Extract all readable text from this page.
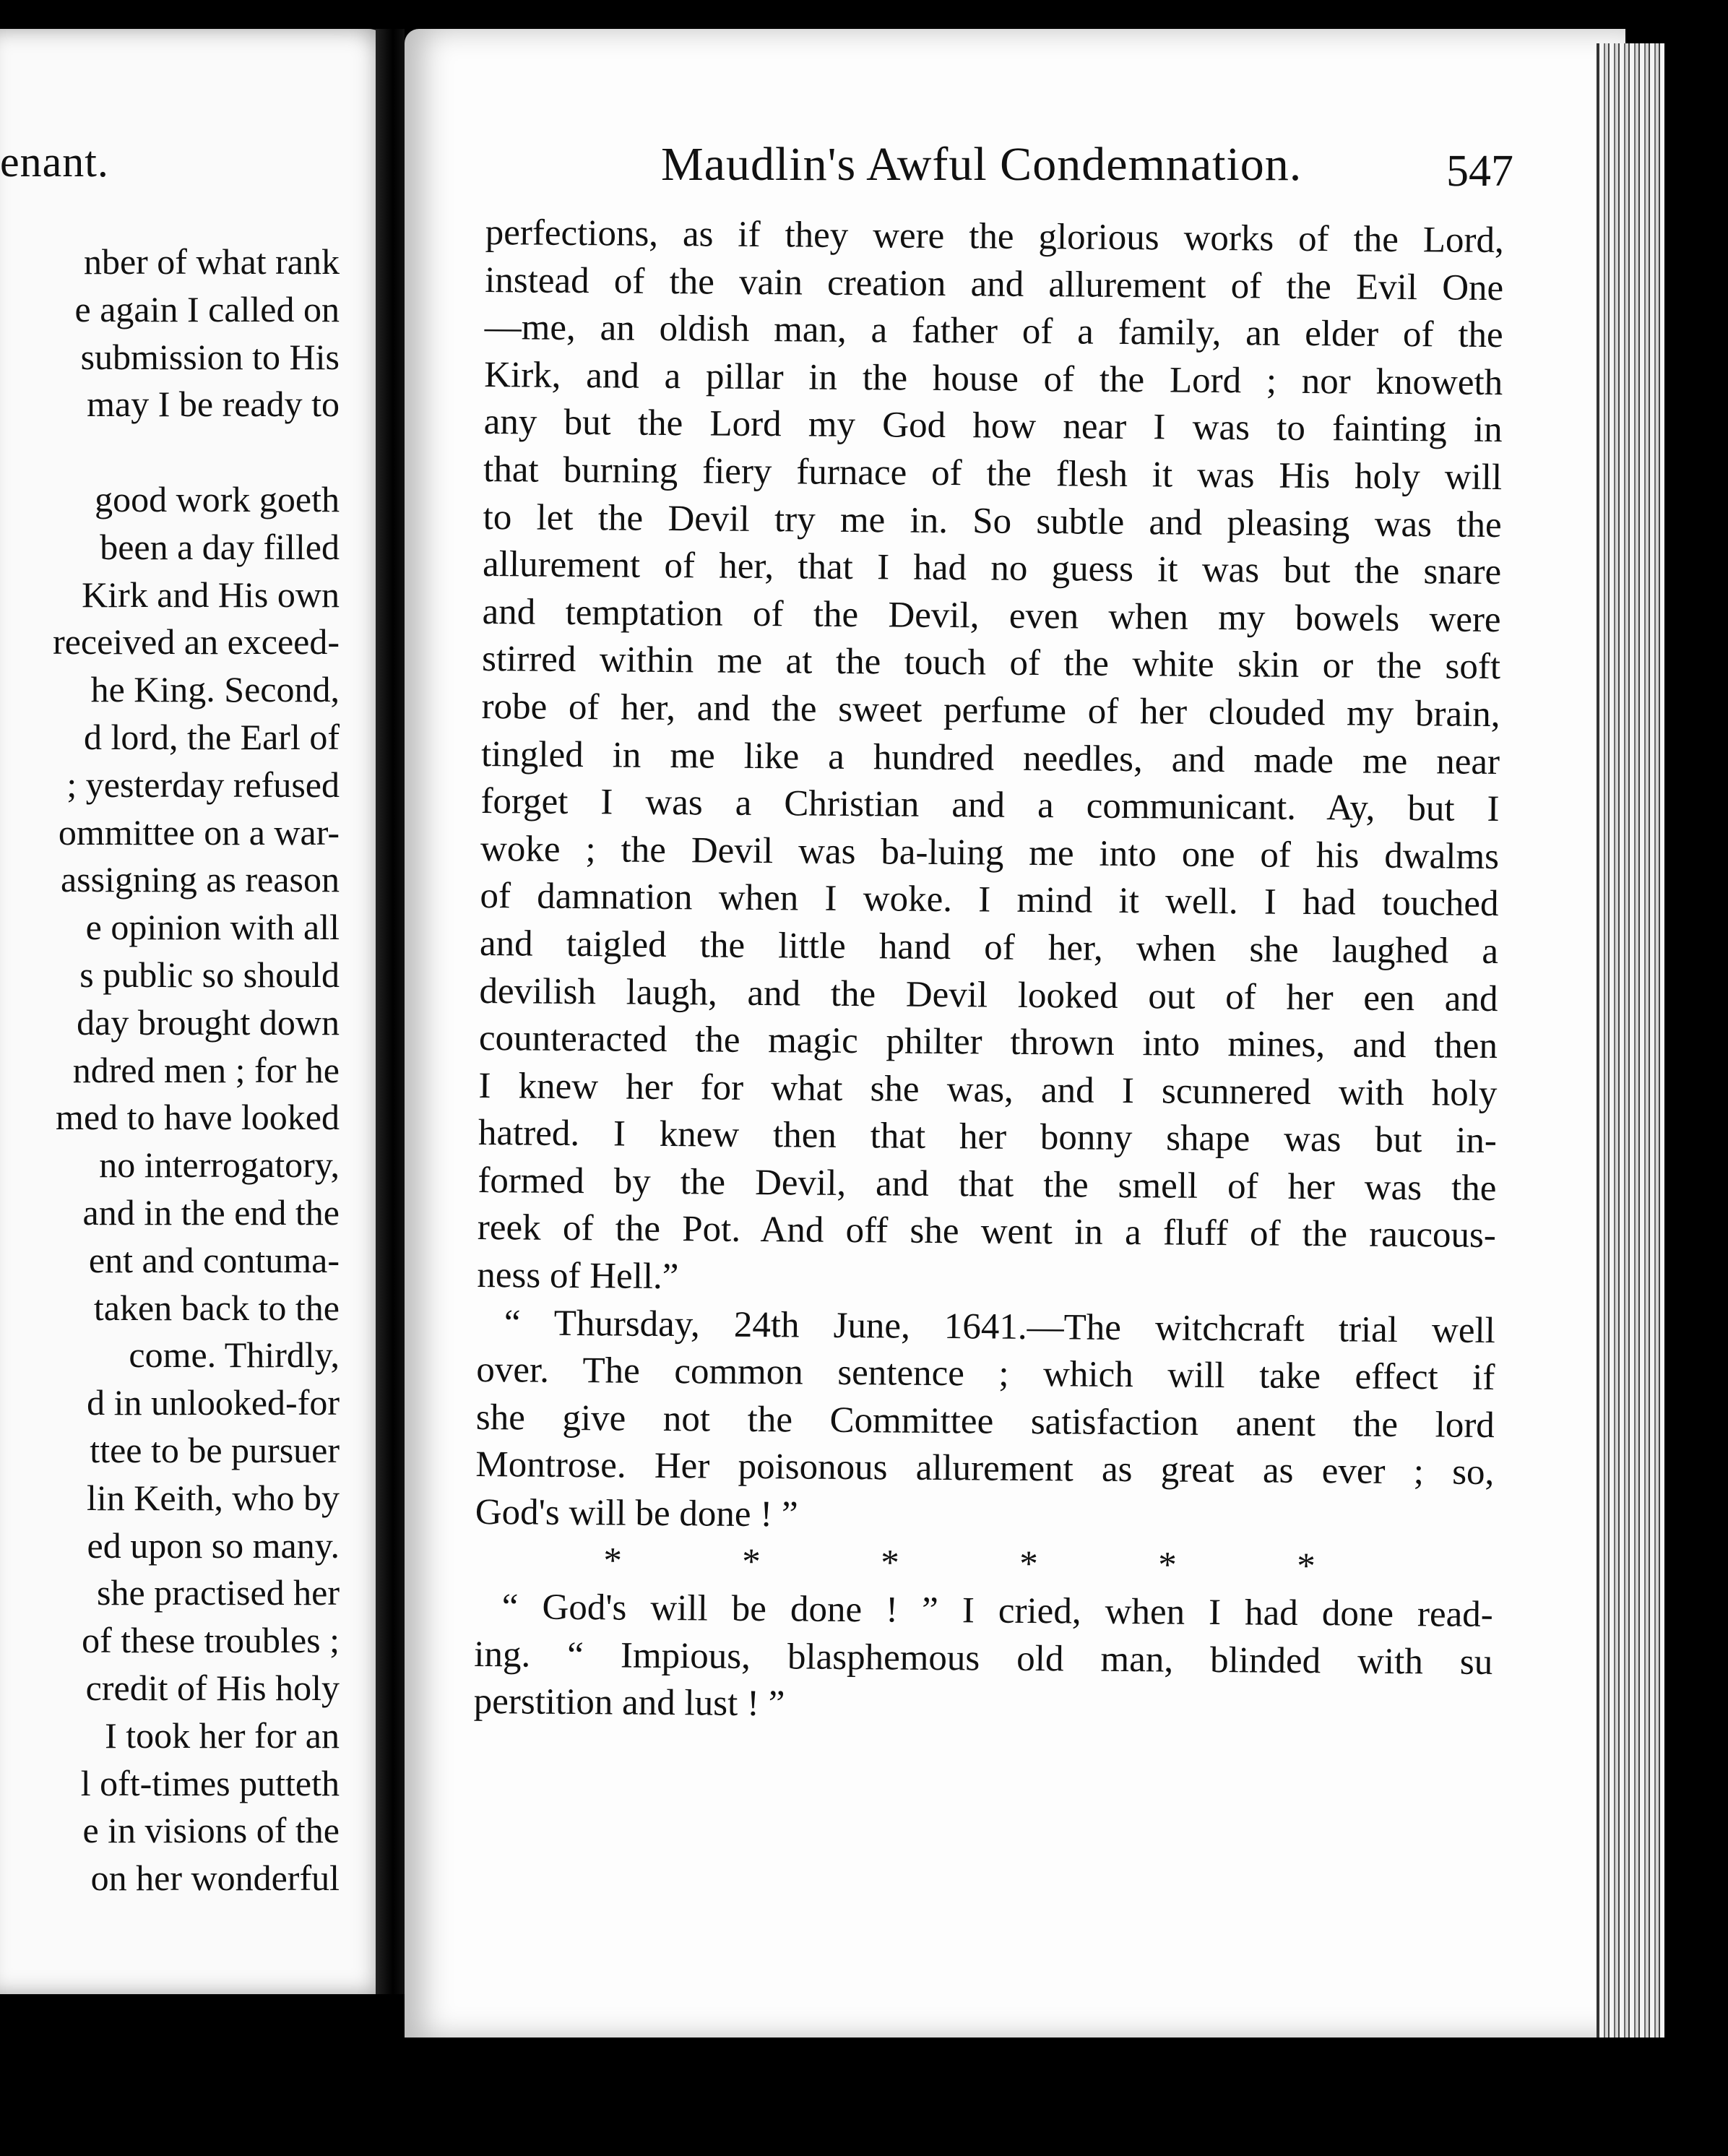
enant.
nber of what rank
e again I called on
submission to His
may I be ready to

good work goeth
been a day filled
Kirk and His own
received an exceed-
he King. Second,
d lord, the Earl of
; yesterday refused
ommittee on a war-
assigning as reason
e opinion with all
s public so should
day brought down
ndred men ; for he
med to have looked
no interrogatory,
and in the end the
ent and contuma-
taken back to the
come. Thirdly,
d in unlooked-for
ttee to be pursuer
lin Keith, who by
ed upon so many.
she practised her
of these troubles ;
credit of His holy
I took her for an
l oft-times putteth
e in visions of the
on her wonderful
Maudlin's Awful Condemnation.	547
perfections, as if they were the glorious works of the Lord,
instead of the vain creation and allurement of the Evil One
—me, an oldish man, a father of a family, an elder of the
Kirk, and a pillar in the house of the Lord ; nor knoweth
any but the Lord my God how near I was to fainting in
that burning fiery furnace of the flesh it was His holy will
to let the Devil try me in. So subtle and pleasing was the
allurement of her, that I had no guess it was but the snare
and temptation of the Devil, even when my bowels were
stirred within me at the touch of the white skin or the soft
robe of her, and the sweet perfume of her clouded my brain,
tingled in me like a hundred needles, and made me near
forget I was a Christian and a communicant. Ay, but I
woke ; the Devil was ba-luing me into one of his dwalms
of damnation when I woke. I mind it well. I had touched
and taigled the little hand of her, when she laughed a
devilish laugh, and the Devil looked out of her een and
counteracted the magic philter thrown into mines, and then
I knew her for what she was, and I scunnered with holy
hatred. I knew then that her bonny shape was but in-
formed by the Devil, and that the smell of her was the
reek of the Pot. And off she went in a fluff of the raucous-
ness of Hell.”
“ Thursday, 24th June, 1641.—The witchcraft trial well
over. The common sentence ; which will take effect if
she give not the Committee satisfaction anent the lord
Montrose. Her poisonous allurement as great as ever ; so,
God's will be done ! ”
*	*	*	*	*	*
“ God's will be done ! ” I cried, when I had done read-
ing. “ Impious, blasphemous old man, blinded with su
perstition and lust ! ”
